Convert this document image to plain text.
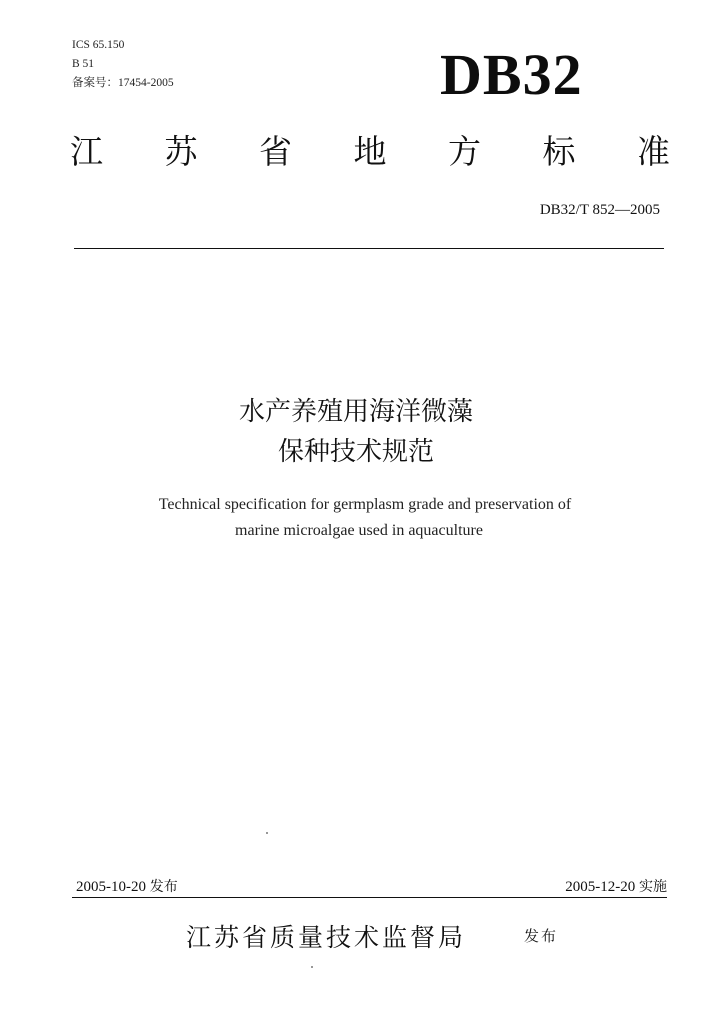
ICS 65.150
B 51
备案号：17454-2005	DB32
江 苏 省 地 方 标 准
DB32/T 852—2005
水产养殖用海洋微藻
保种技术规范
Technical specification for germplasm grade and preservation of
marine microalgae used in aquaculture
2005-10-20 发布	2005-12-20 实施
江苏省质量技术监督局	发布
